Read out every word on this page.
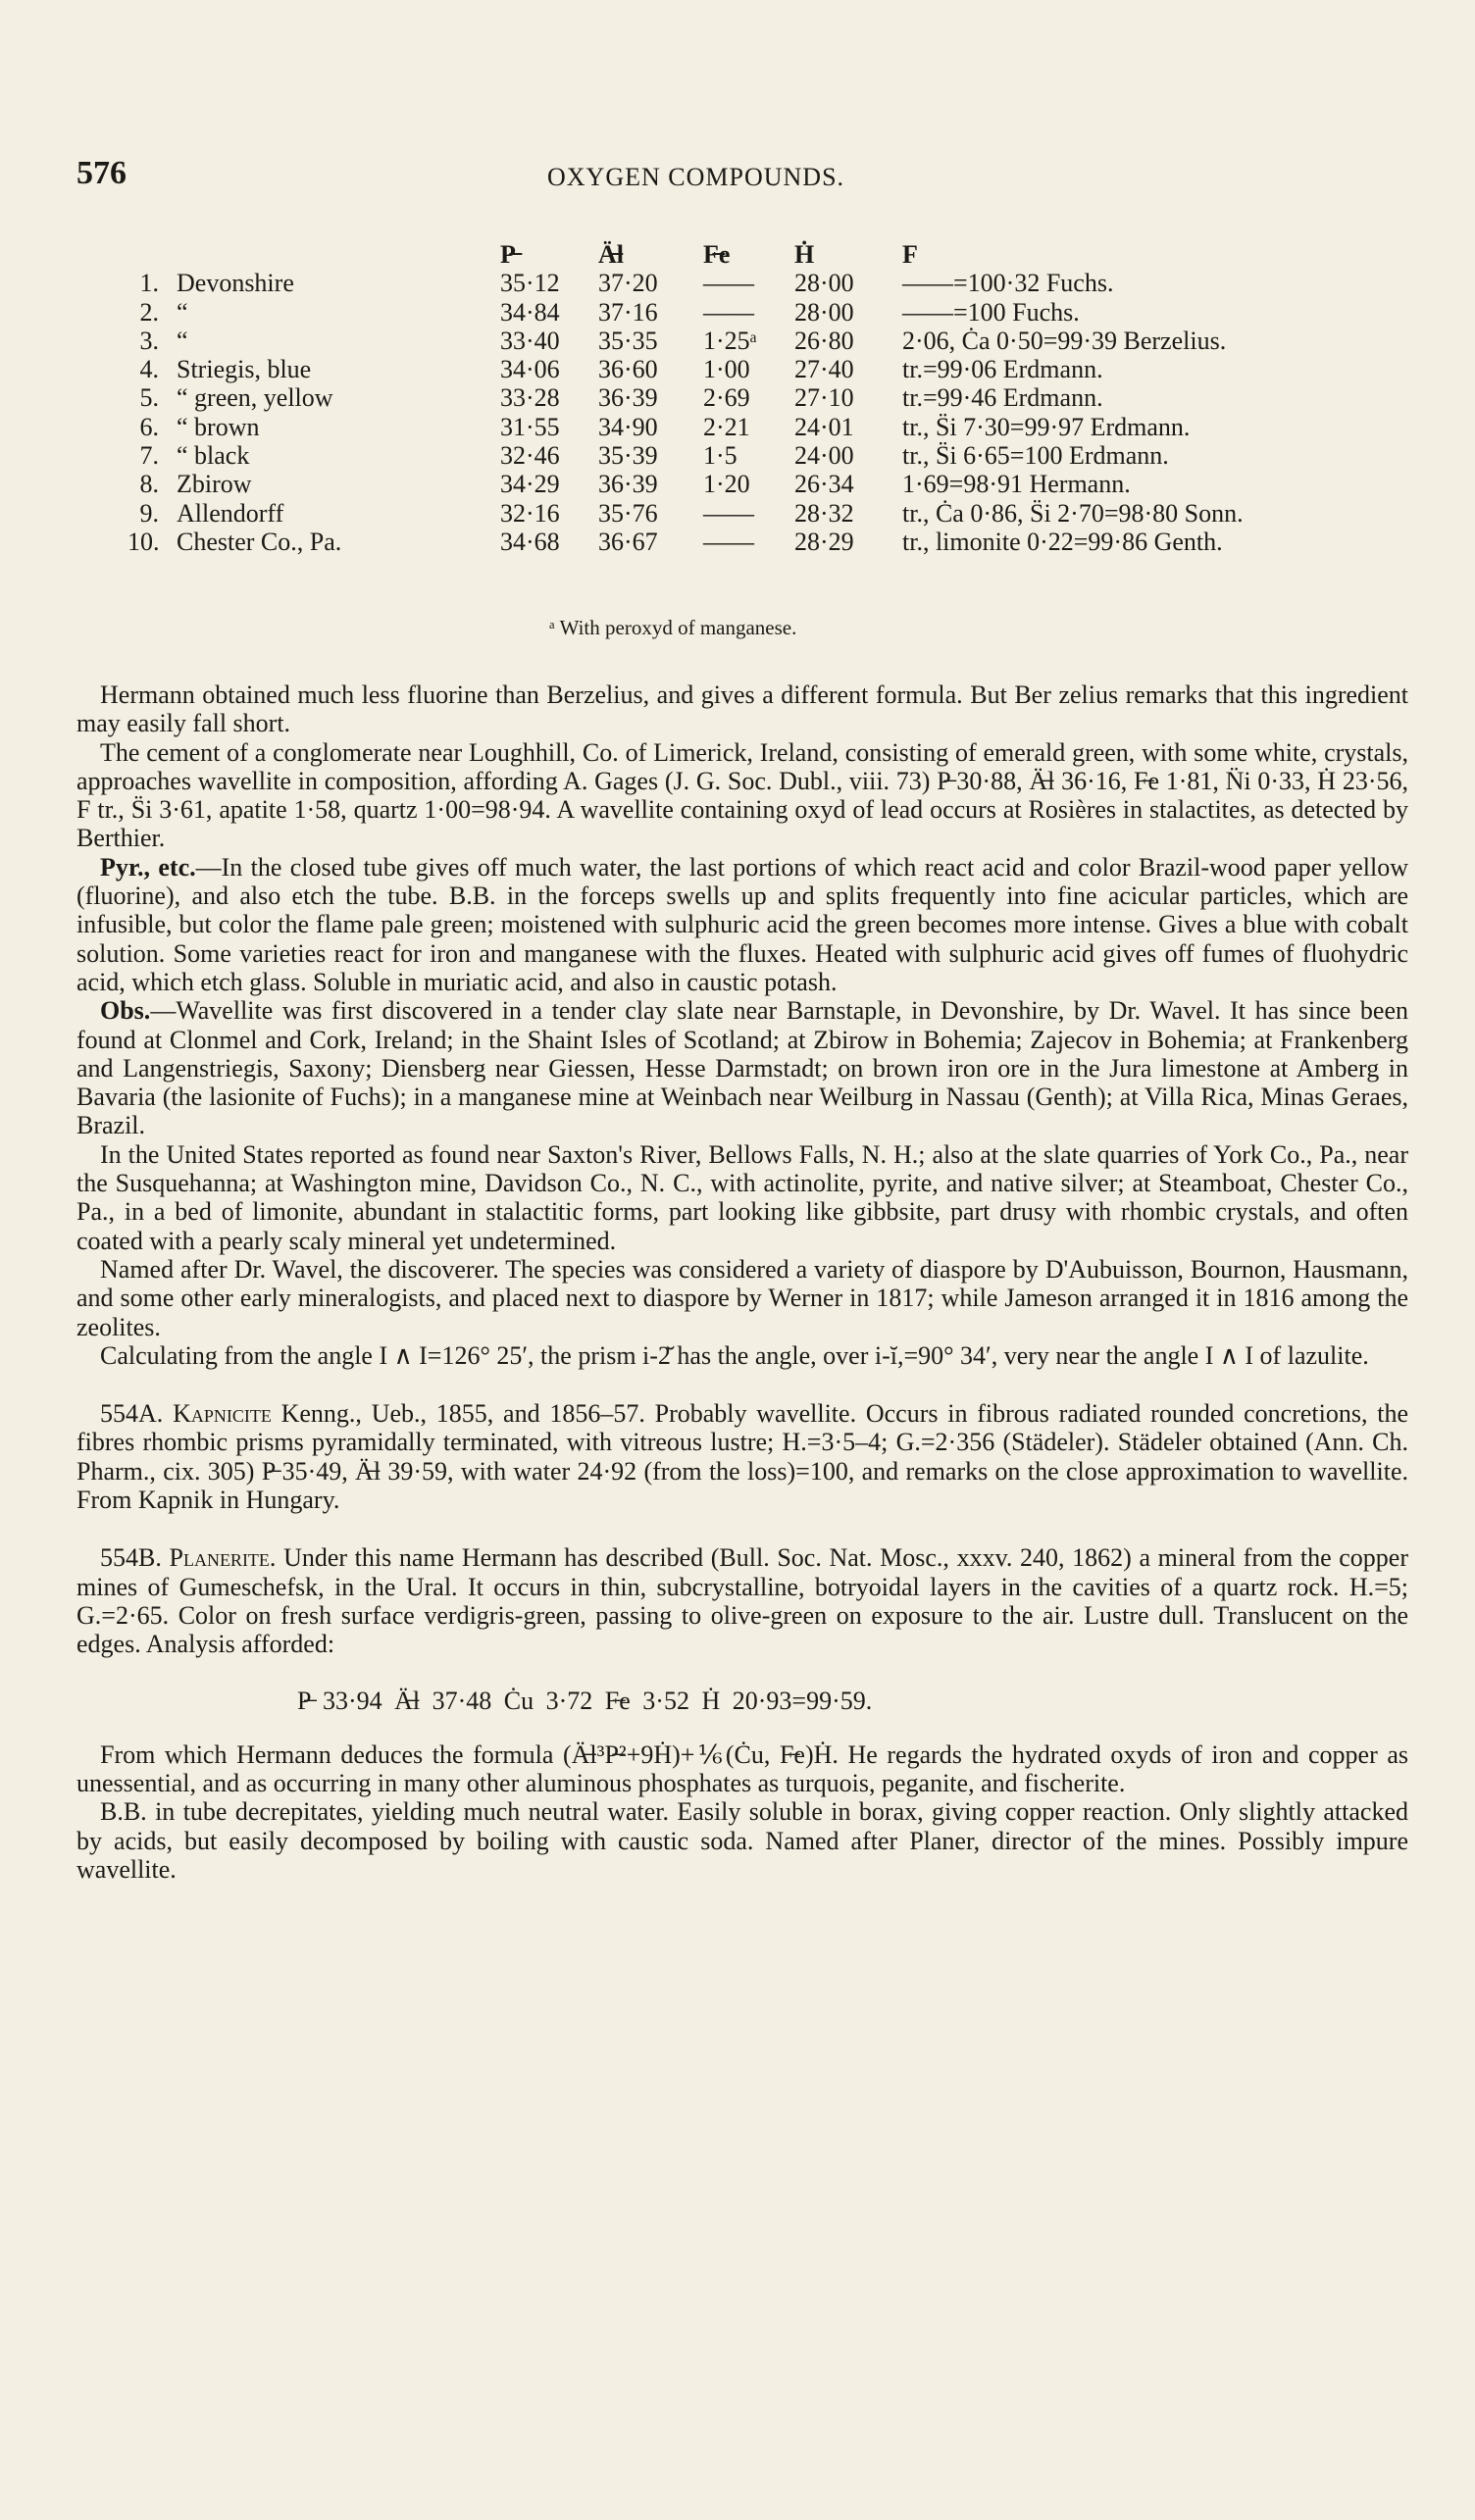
576	OXYGEN COMPOUNDS.
P̶	Ä̶l	F̶e	Ḣ	F
1. Devonshire	35·12 37·20 —— 28·00 ——=100·32 Fuchs.
2. “	34·84 37·16 —— 28·00 ——=100 Fuchs.
3. “	33·40 35·35 1·25ᵃ 26·80 2·06, Ċa 0·50=99·39 Berzelius.
4. Striegis, blue	34·06 36·60 1·00 27·40 tr.=99·06 Erdmann.
5. “ green, yellow	33·28 36·39 2·69 27·10 tr.=99·46 Erdmann.
6. “ brown	31·55 34·90 2·21 24·01 tr., S̈i 7·30=99·97 Erdmann.
7. “ black	32·46 35·39 1·5 24·00 tr., S̈i 6·65=100 Erdmann.
8. Zbirow	34·29 36·39 1·20 26·34 1·69=98·91 Hermann.
9. Allendorff	32·16 35·76 —— 28·32 tr., Ċa 0·86, S̈i 2·70=98·80 Sonn.
10. Chester Co., Pa.	34·68 36·67 —— 28·29 tr., limonite 0·22=99·86 Genth.
ᵃ With peroxyd of manganese.

Hermann obtained much less fluorine than Berzelius, and gives a different formula. But Ber zelius remarks that this ingredient may easily fall short.

The cement of a conglomerate near Loughhill, Co. of Limerick, Ireland, consisting of emerald green, with some white, crystals, approaches wavellite in composition, affording A. Gages (J. G. Soc. Dubl., viii. 73) P̶ 30·88, Ä̶l 36·16, F̶e 1·81, N̈i 0·33, Ḣ 23·56, F tr., S̈i 3·61, apatite 1·58, quartz 1·00=98·94. A wavellite containing oxyd of lead occurs at Rosières in stalactites, as detected by Berthier.

Pyr., etc.—In the closed tube gives off much water, the last portions of which react acid and color Brazil-wood paper yellow (fluorine), and also etch the tube. B.B. in the forceps swells up and splits frequently into fine acicular particles, which are infusible, but color the flame pale green; moistened with sulphuric acid the green becomes more intense. Gives a blue with cobalt solution. Some varieties react for iron and manganese with the fluxes. Heated with sulphuric acid gives off fumes of fluohydric acid, which etch glass. Soluble in muriatic acid, and also in caustic potash.

Obs.—Wavellite was first discovered in a tender clay slate near Barnstaple, in Devonshire, by Dr. Wavel. It has since been found at Clonmel and Cork, Ireland; in the Shaint Isles of Scotland; at Zbirow in Bohemia; Zajecov in Bohemia; at Frankenberg and Langenstriegis, Saxony; Diensberg near Giessen, Hesse Darmstadt; on brown iron ore in the Jura limestone at Amberg in Bavaria (the lasionite of Fuchs); in a manganese mine at Weinbach near Weilburg in Nassau (Genth); at Villa Rica, Minas Geraes, Brazil.

In the United States reported as found near Saxton's River, Bellows Falls, N. H.; also at the slate quarries of York Co., Pa., near the Susquehanna; at Washington mine, Davidson Co., N. C., with actinolite, pyrite, and native silver; at Steamboat, Chester Co., Pa., in a bed of limonite, abundant in stalactitic forms, part looking like gibbsite, part drusy with rhombic crystals, and often coated with a pearly scaly mineral yet undetermined.

Named after Dr. Wavel, the discoverer. The species was considered a variety of diaspore by D'Aubuisson, Bournon, Hausmann, and some other early mineralogists, and placed next to diaspore by Werner in 1817; while Jameson arranged it in 1816 among the zeolites.

Calculating from the angle I ∧ I=126° 25′, the prism i-2̆ has the angle, over i-ĭ,=90° 34′, very near the angle I ∧ I of lazulite.

554A. Kapnicite Kenng., Ueb., 1855, and 1856–57. Probably wavellite. Occurs in fibrous radiated rounded concretions, the fibres rhombic prisms pyramidally terminated, with vitreous lustre; H.=3·5–4; G.=2·356 (Städeler). Städeler obtained (Ann. Ch. Pharm., cix. 305) P̶ 35·49, Ä̶l 39·59, with water 24·92 (from the loss)=100, and remarks on the close approximation to wavellite. From Kapnik in Hungary.

554B. Planerite. Under this name Hermann has described (Bull. Soc. Nat. Mosc., xxxv. 240, 1862) a mineral from the copper mines of Gumeschefsk, in the Ural. It occurs in thin, subcrystalline, botryoidal layers in the cavities of a quartz rock. H.=5; G.=2·65. Color on fresh surface verdigris-green, passing to olive-green on exposure to the air. Lustre dull. Translucent on the edges. Analysis afforded:

P̶ 33·94 Ä̶l 37·48 Ċu 3·72 F̶e 3·52 Ḣ 20·93=99·59.

From which Hermann deduces the formula (Ä̶l³P̶²+9Ḣ)+⅙(Ċu, F̶e)Ḣ. He regards the hydrated oxyds of iron and copper as unessential, and as occurring in many other aluminous phosphates as turquois, peganite, and fischerite.

B.B. in tube decrepitates, yielding much neutral water. Easily soluble in borax, giving copper reaction. Only slightly attacked by acids, but easily decomposed by boiling with caustic soda. Named after Planer, director of the mines. Possibly impure wavellite.
